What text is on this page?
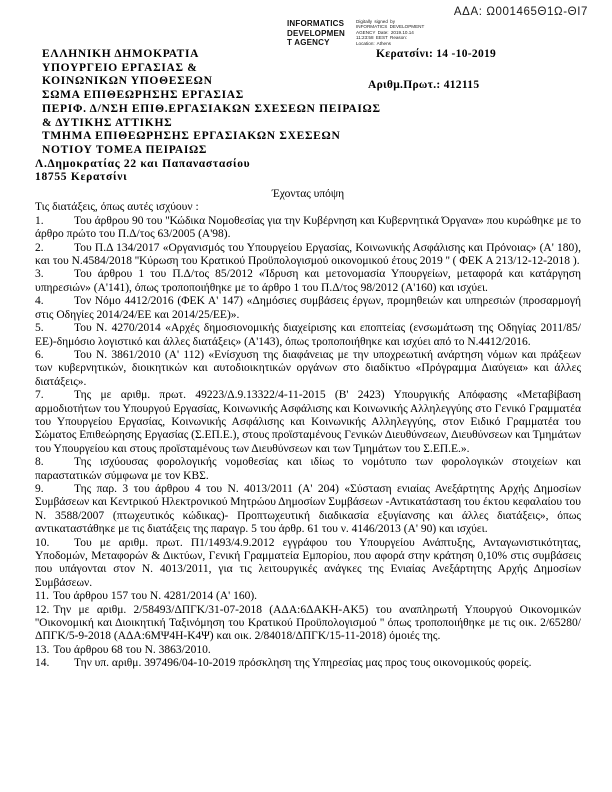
ΑΔΑ: Ω001465Θ1Ω-ΘΙ7
INFORMATICS
DEVELOPMEN
T AGENCY
Digitally signed by INFORMATICS DEVELOPMENT AGENCY Date: 2019.10.14 11:23:58 EEST Reason: Location: Athens
Κερατσίνι: 14 -10-2019
Αριθμ.Πρωτ.: 412115
ΕΛΛΗΝΙΚΗ ΔΗΜΟΚΡΑΤΙΑ
ΥΠΟΥΡΓΕΙΟ ΕΡΓΑΣΙΑΣ &
ΚΟΙΝΩΝΙΚΩΝ ΥΠΟΘΕΣΕΩΝ
ΣΩΜΑ ΕΠΙΘΕΩΡΗΣΗΣ ΕΡΓΑΣΙΑΣ
ΠΕΡΙΦ. Δ/ΝΣΗ ΕΠΙΘ.ΕΡΓΑΣΙΑΚΩΝ ΣΧΕΣΕΩΝ ΠΕΙΡΑΙΩΣ
& ΔΥΤΙΚΗΣ ΑΤΤΙΚΗΣ
ΤΜΗΜΑ ΕΠΙΘΕΩΡΗΣΗΣ ΕΡΓΑΣΙΑΚΩΝ ΣΧΕΣΕΩΝ
ΝΟΤΙΟΥ ΤΟΜΕΑ ΠΕΙΡΑΙΩΣ
Λ.Δημοκρατίας 22 και Παπαναστασίου
18755 Κερατσίνι
Έχοντας υπόψη

Τις διατάξεις, όπως αυτές ισχύουν :

1.	Του άρθρου 90 του ''Κώδικα Νομοθεσίας για την Κυβέρνηση και Κυβερνητικά Όργανα» που κυρώθηκε με το άρθρο πρώτο του Π.Δ/τος 63/2005 (Α'98).

2.	Του Π.Δ 134/2017 «Οργανισμός του Υπουργείου Εργασίας, Κοινωνικής Ασφάλισης και Πρόνοιας» (Α' 180), και του Ν.4584/2018 ''Κύρωση του Κρατικού Προϋπολογισμού οικονομικού έτους 2019 '' ( ΦΕΚ Α 213/12-12-2018 ).

3.	Του άρθρου 1 του Π.Δ/τος 85/2012 «Ίδρυση και μετονομασία Υπουργείων, μεταφορά και κατάργηση υπηρεσιών» (Α'141), όπως τροποποιήθηκε με το άρθρο 1 του Π.Δ/τος 98/2012 (Α'160) και ισχύει.

4.	Τον Νόμο 4412/2016 (ΦΕΚ Α' 147) «Δημόσιες συμβάσεις έργων, προμηθειών και υπηρεσιών (προσαρμογή στις Οδηγίες 2014/24/ΕΕ και 2014/25/ΕΕ)».

5.	Του Ν. 4270/2014 «Αρχές δημοσιονομικής διαχείρισης και εποπτείας (ενσωμάτωση της Οδηγίας 2011/85/ΕΕ)-δημόσιο λογιστικό και άλλες διατάξεις» (Α'143), όπως τροποποιήθηκε και ισχύει από το Ν.4412/2016.

6.	Του Ν. 3861/2010 (Α' 112) «Ενίσχυση της διαφάνειας με την υποχρεωτική ανάρτηση νόμων και πράξεων των κυβερνητικών, διοικητικών και αυτοδιοικητικών οργάνων στο διαδίκτυο «Πρόγραμμα Διαύγεια» και άλλες διατάξεις».

7.	Της με αριθμ. πρωτ. 49223/Δ.9.13322/4-11-2015 (Β' 2423) Υπουργικής Απόφασης «Μεταβίβαση αρμοδιοτήτων του Υπουργού Εργασίας, Κοινωνικής Ασφάλισης και Κοινωνικής Αλληλεγγύης στο Γενικό Γραμματέα του Υπουργείου Εργασίας, Κοινωνικής Ασφάλισης και Κοινωνικής Αλληλεγγύης, στον Ειδικό Γραμματέα του Σώματος Επιθεώρησης Εργασίας (Σ.ΕΠ.Ε.), στους προϊσταμένους Γενικών Διευθύνσεων, Διευθύνσεων και Τμημάτων του Υπουργείου και στους προϊσταμένους των Διευθύνσεων και των Τμημάτων του Σ.ΕΠ.Ε.».

8.	Της ισχύουσας φορολογικής νομοθεσίας και ιδίως το νομότυπο των φορολογικών στοιχείων και παραστατικών σύμφωνα με τον ΚΒΣ.

9.	Της παρ. 3 του άρθρου 4 του Ν. 4013/2011 (Α' 204) «Σύσταση ενιαίας Ανεξάρτητης Αρχής Δημοσίων Συμβάσεων και Κεντρικού Ηλεκτρονικού Μητρώου Δημοσίων Συμβάσεων -Αντικατάσταση του έκτου κεφαλαίου του Ν. 3588/2007 (πτωχευτικός κώδικας)- Προπτωχευτική διαδικασία εξυγίανσης και άλλες διατάξεις», όπως αντικαταστάθηκε με τις διατάξεις της παραγρ. 5 του άρθρ. 61 του ν. 4146/2013 (Α' 90) και ισχύει.

10. Του με αριθμ. πρωτ. Π1/1493/4.9.2012 εγγράφου του Υπουργείου Ανάπτυξης, Ανταγωνιστικότητας, Υποδομών, Μεταφορών & Δικτύων, Γενική Γραμματεία Εμπορίου, που αφορά στην κράτηση 0,10% στις συμβάσεις που υπάγονται στον Ν. 4013/2011, για τις λειτουργικές ανάγκες της Ενιαίας Ανεξάρτητης Αρχής Δημοσίων Συμβάσεων.

11. Του άρθρου 157 του Ν. 4281/2014 (Α' 160).

12. Την με αριθμ. 2/58493/ΔΠΓΚ/31-07-2018 (ΑΔΑ:6ΔΑΚΗ-ΑΚ5) του αναπληρωτή Υπουργού Οικονομικών ''Οικονομική και Διοικητική Ταξινόμηση του Κρατικού Προϋπολογισμού '' όπως τροποποιήθηκε με τις οικ. 2/65280/ΔΠΓΚ/5-9-2018 (ΑΔΑ:6ΜΨ4Η-Κ4Ψ) και οικ. 2/84018/ΔΠΓΚ/15-11-2018) όμοιές της.

13. Του άρθρου 68 του Ν. 3863/2010.

14. Την υπ. αριθμ. 397496/04-10-2019 πρόσκληση της Υπηρεσίας μας προς τους οικονομικούς φορείς.
